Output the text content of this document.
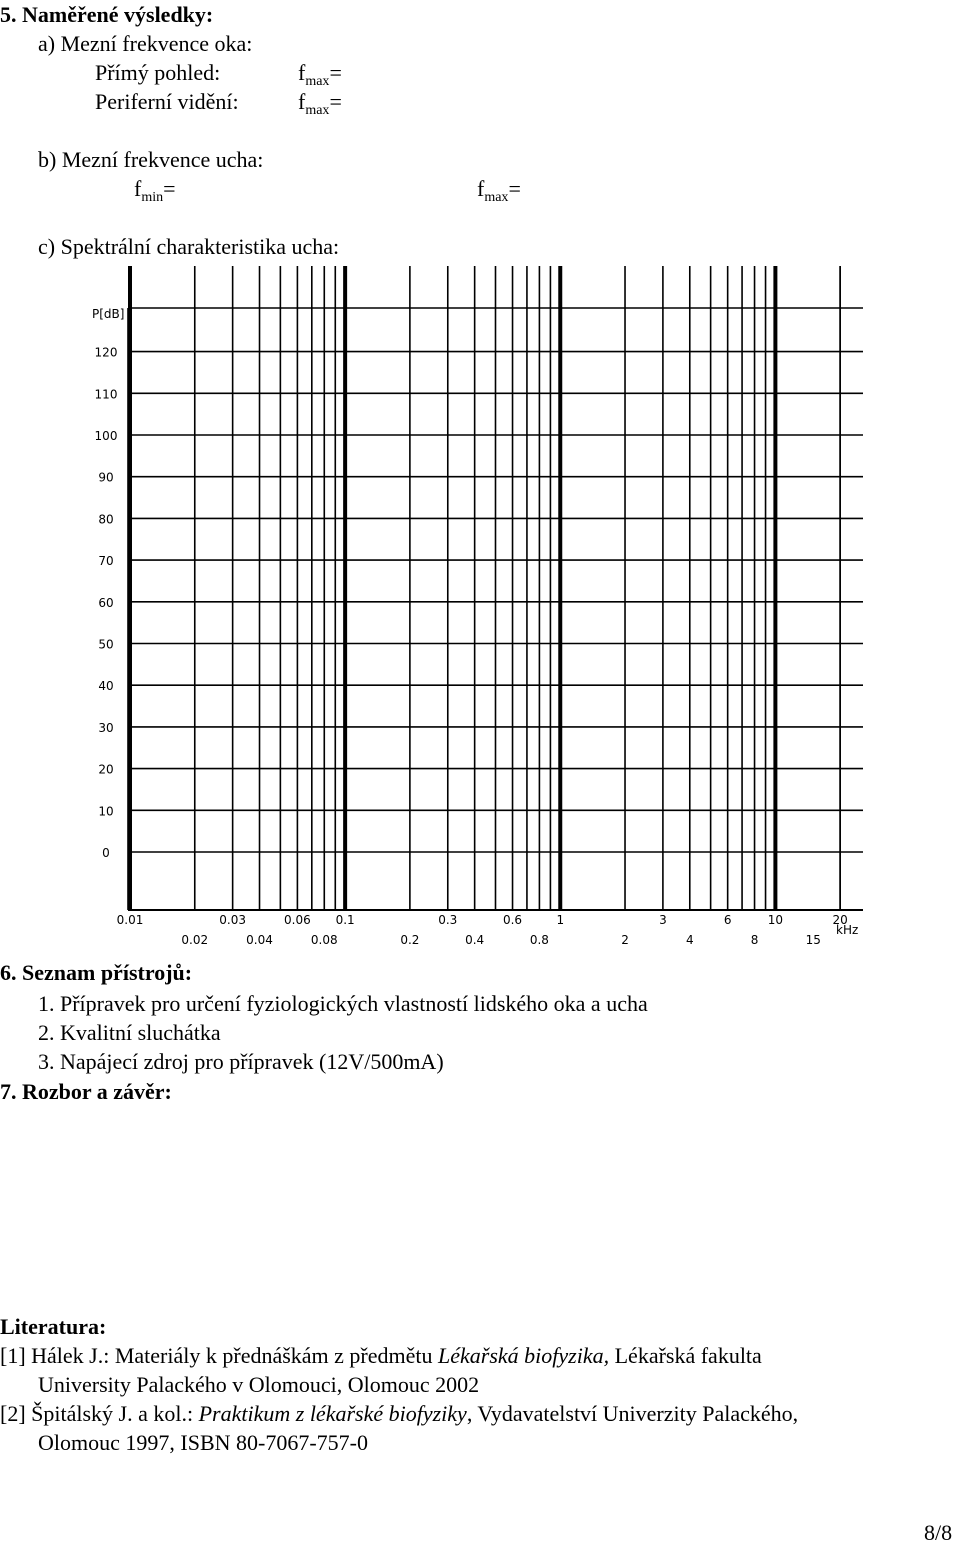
5. Naměřené výsledky:
a) Mezní frekvence oka:
Přímý pohled:	$f_{max}=$
Periferní vidění:	$f_{max}=$
b) Mezní frekvence ucha:
$f_{min}=$	$f_{max}=$
c) Spektrální charakteristika ucha:
120
110
100
90
80
70
60
50
40
30
20
10
0
0.01	0.03	0.06 0.1	0.3	0.6	1	3	6	10	20
0.02	0.04	0.08	0.2	0.4	0.8	2	4	8	15
P[dB]
kHz
6. Seznam přístrojů:
1. Přípravek pro určení fyziologických vlastností lidského oka a ucha
2. Kvalitní sluchátka
3. Napájecí zdroj pro přípravek (12V/500mA)
7. Rozbor a závěr:
Literatura:
[1] Hálek J.: Materiály k přednáškám z předmětu Lékařská biofyzika, Lékařská fakulta
University Palackého v Olomouci, Olomouc 2002
[2] Špitálský J. a kol.: Praktikum z lékařské biofyziky, Vydavatelství Univerzity Palackého,
Olomouc 1997, ISBN 80-7067-757-0
8/8
